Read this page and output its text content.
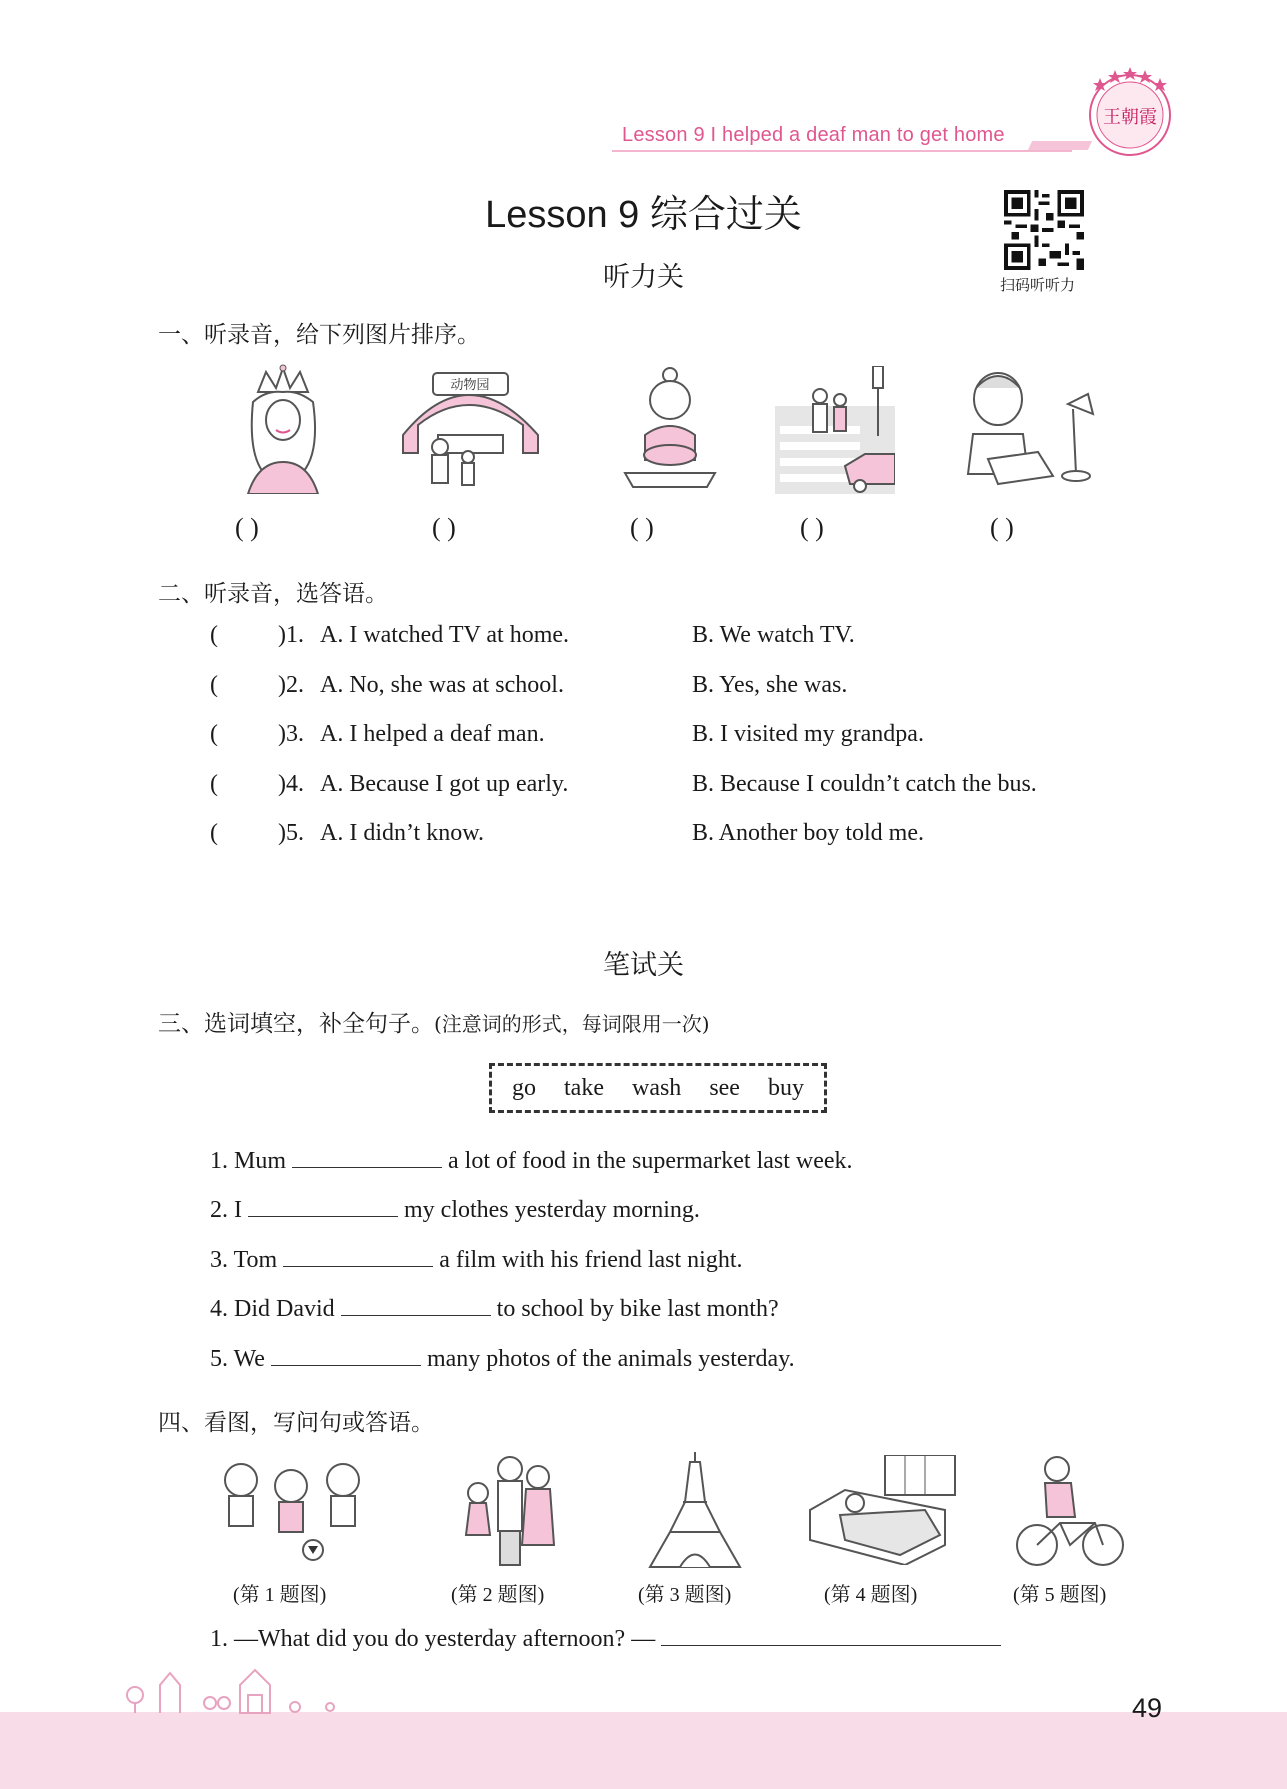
王朝霞
Lesson 9 I helped a deaf man to get home
Lesson 9 综合过关
扫码听听力
听力关
一、听录音，给下列图片排序。
动物园
( )	( )	( )	( )	( )
二、听录音，选答语。
(	)1. A. I watched TV at home.	B. We watch TV.
(	)2. A. No, she was at school.	B. Yes, she was.
(	)3. A. I helped a deaf man.	B. I visited my grandpa.
(	)4. A. Because I got up early.	B. Because I couldn’t catch the bus.
(	)5. A. I didn’t know.	B. Another boy told me.
笔试关
三、选词填空，补全句子。(注意词的形式，每词限用一次)
go take wash see buy
1. Mum	a lot of food in the supermarket last week.
2. I	my clothes yesterday morning.
3. Tom	a film with his friend last night.
4. Did David	to school by bike last month?
5. We	many photos of the animals yesterday.
四、看图，写问句或答语。
(第 1 题图)	(第 2 题图)	(第 3 题图)	(第 4 题图)	(第 5 题图)
1. —What did you do yesterday afternoon? —
49
